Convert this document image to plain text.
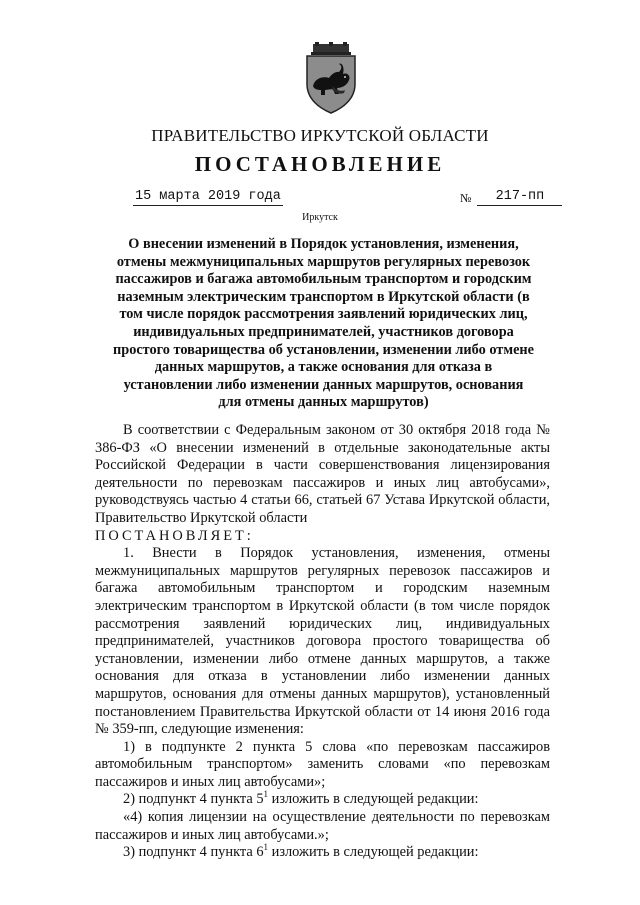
ПРАВИТЕЛЬСТВО ИРКУТСКОЙ ОБЛАСТИ
ПОСТАНОВЛЕНИЕ
15 марта 2019 года	№	217-пп
Иркутск
О внесении изменений в Порядок установления, изменения, отмены межмуниципальных маршрутов регулярных перевозок пассажиров и багажа автомобильным транспортом и городским наземным электрическим транспортом в Иркутской области (в том числе порядок рассмотрения заявлений юридических лиц, индивидуальных предпринимателей, участников договора простого товарищества об установлении, изменении либо отмене данных маршрутов, а также основания для отказа в установлении либо изменении данных маршрутов, основания для отмены данных маршрутов)

В соответствии с Федеральным законом от 30 октября 2018 года № 386-ФЗ «О внесении изменений в отдельные законодательные акты Российской Федерации в части совершенствования лицензирования деятельности по перевозкам пассажиров и иных лиц автобусами», руководствуясь частью 4 статьи 66, статьей 67 Устава Иркутской области, Правительство Иркутской области

ПОСТАНОВЛЯЕТ:

1. Внести в Порядок установления, изменения, отмены межмуниципальных маршрутов регулярных перевозок пассажиров и багажа автомобильным транспортом и городским наземным электрическим транспортом в Иркутской области (в том числе порядок рассмотрения заявлений юридических лиц, индивидуальных предпринимателей, участников договора простого товарищества об установлении, изменении либо отмене данных маршрутов, а также основания для отказа в установлении либо изменении данных маршрутов, основания для отмены данных маршрутов), установленный постановлением Правительства Иркутской области от 14 июня 2016 года № 359-пп, следующие изменения:

1) в подпункте 2 пункта 5 слова «по перевозкам пассажиров автомобильным транспортом» заменить словами «по перевозкам пассажиров и иных лиц автобусами»;

2) подпункт 4 пункта $5^1$ изложить в следующей редакции:

«4) копия лицензии на осуществление деятельности по перевозкам пассажиров и иных лиц автобусами.»;

3) подпункт 4 пункта $6^1$ изложить в следующей редакции:
